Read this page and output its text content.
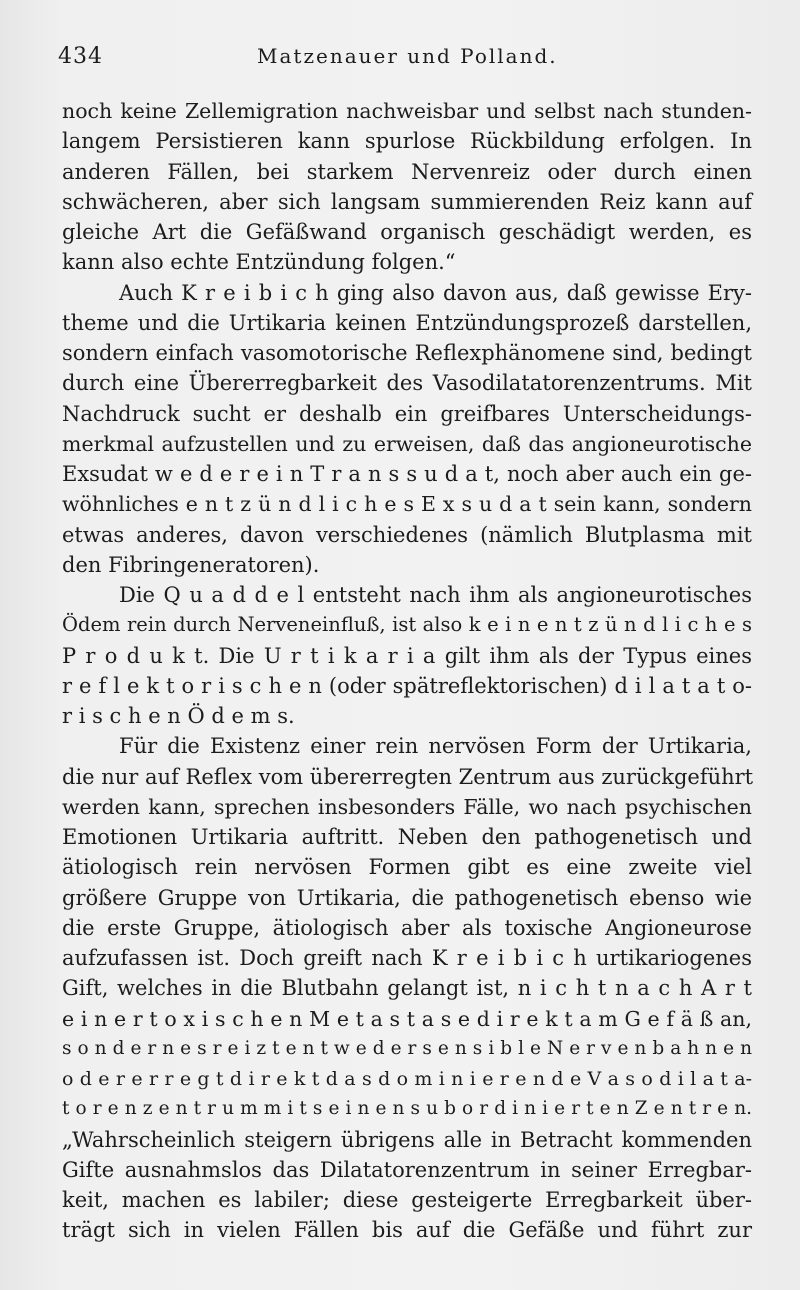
434	Matzenauer und Polland.
noch keine Zellemigration nachweisbar und selbst nach stunden-
langem Persistieren kann spurlose Rückbildung erfolgen. In
anderen Fällen, bei starkem Nervenreiz oder durch einen
schwächeren, aber sich langsam summierenden Reiz kann auf
gleiche Art die Gefäßwand organisch geschädigt werden, es
kann also echte Entzündung folgen.“
Auch K r e i b i c h ging also davon aus, daß gewisse Ery-
theme und die Urtikaria keinen Entzündungsprozeß darstellen,
sondern einfach vasomotorische Reflexphänomene sind, bedingt
durch eine Übererregbarkeit des Vasodilatatorenzentrums. Mit
Nachdruck sucht er deshalb ein greifbares Unterscheidungs-
merkmal aufzustellen und zu erweisen, daß das angioneurotische
Exsudat w e d e r e i n T r a n s s u d a t, noch aber auch ein ge-
wöhnliches e n t z ü n d l i c h e s E x s u d a t sein kann, sondern
etwas anderes, davon verschiedenes (nämlich Blutplasma mit
den Fibringeneratoren).
Die Q u a d d e l entsteht nach ihm als angioneurotisches
Ödem rein durch Nerveneinfluß, ist also k e i n e n t z ü n d l i c h e s
P r o d u k t. Die U r t i k a r i a gilt ihm als der Typus eines
r e f l e k t o r i s c h e n (oder spätreflektorischen) d i l a t a t o-
r i s c h e n Ö d e m s.
Für die Existenz einer rein nervösen Form der Urtikaria,
die nur auf Reflex vom übererregten Zentrum aus zurückgeführt
werden kann, sprechen insbesonders Fälle, wo nach psychischen
Emotionen Urtikaria auftritt. Neben den pathogenetisch und
ätiologisch rein nervösen Formen gibt es eine zweite viel
größere Gruppe von Urtikaria, die pathogenetisch ebenso wie
die erste Gruppe, ätiologisch aber als toxische Angioneurose
aufzufassen ist. Doch greift nach K r e i b i c h urtikariogenes
Gift, welches in die Blutbahn gelangt ist, n i c h t n a c h A r t
e i n e r t o x i s c h e n M e t a s t a s e d i r e k t a m G e f ä ß an,
s o n d e r n e s r e i z t e n t w e d e r s e n s i b l e N e r v e n b a h n e n
o d e r e r r e g t d i r e k t d a s d o m i n i e r e n d e V a s o d i l a t a-
t o r e n z e n t r u m m i t s e i n e n s u b o r d i n i e r t e n Z e n t r e n.
„Wahrscheinlich steigern übrigens alle in Betracht kommenden
Gifte ausnahmslos das Dilatatorenzentrum in seiner Erregbar-
keit, machen es labiler; diese gesteigerte Erregbarkeit über-
trägt sich in vielen Fällen bis auf die Gefäße und führt zur
